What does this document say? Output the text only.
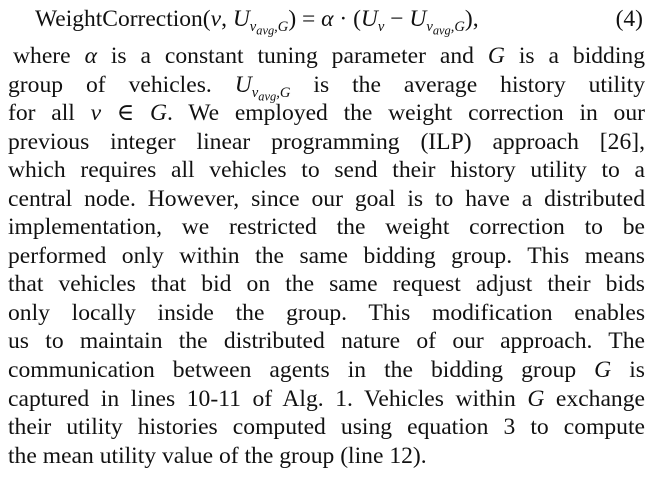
WeightCorrection(v, $U_{v_{avg},G}) = \alpha \cdot (U_v - U_{v_{avg},G})$,	(4)
where α is a constant tuning parameter and G is a bidding
group of vehicles. $U_{v_{avg},G}$ is the average history utility
for all v ∈ G. We employed the weight correction in our
previous integer linear programming (ILP) approach [26],
which requires all vehicles to send their history utility to a
central node. However, since our goal is to have a distributed
implementation, we restricted the weight correction to be
performed only within the same bidding group. This means
that vehicles that bid on the same request adjust their bids
only locally inside the group. This modification enables
us to maintain the distributed nature of our approach. The
communication between agents in the bidding group G is
captured in lines 10-11 of Alg. 1. Vehicles within G exchange
their utility histories computed using equation 3 to compute
the mean utility value of the group (line 12).
